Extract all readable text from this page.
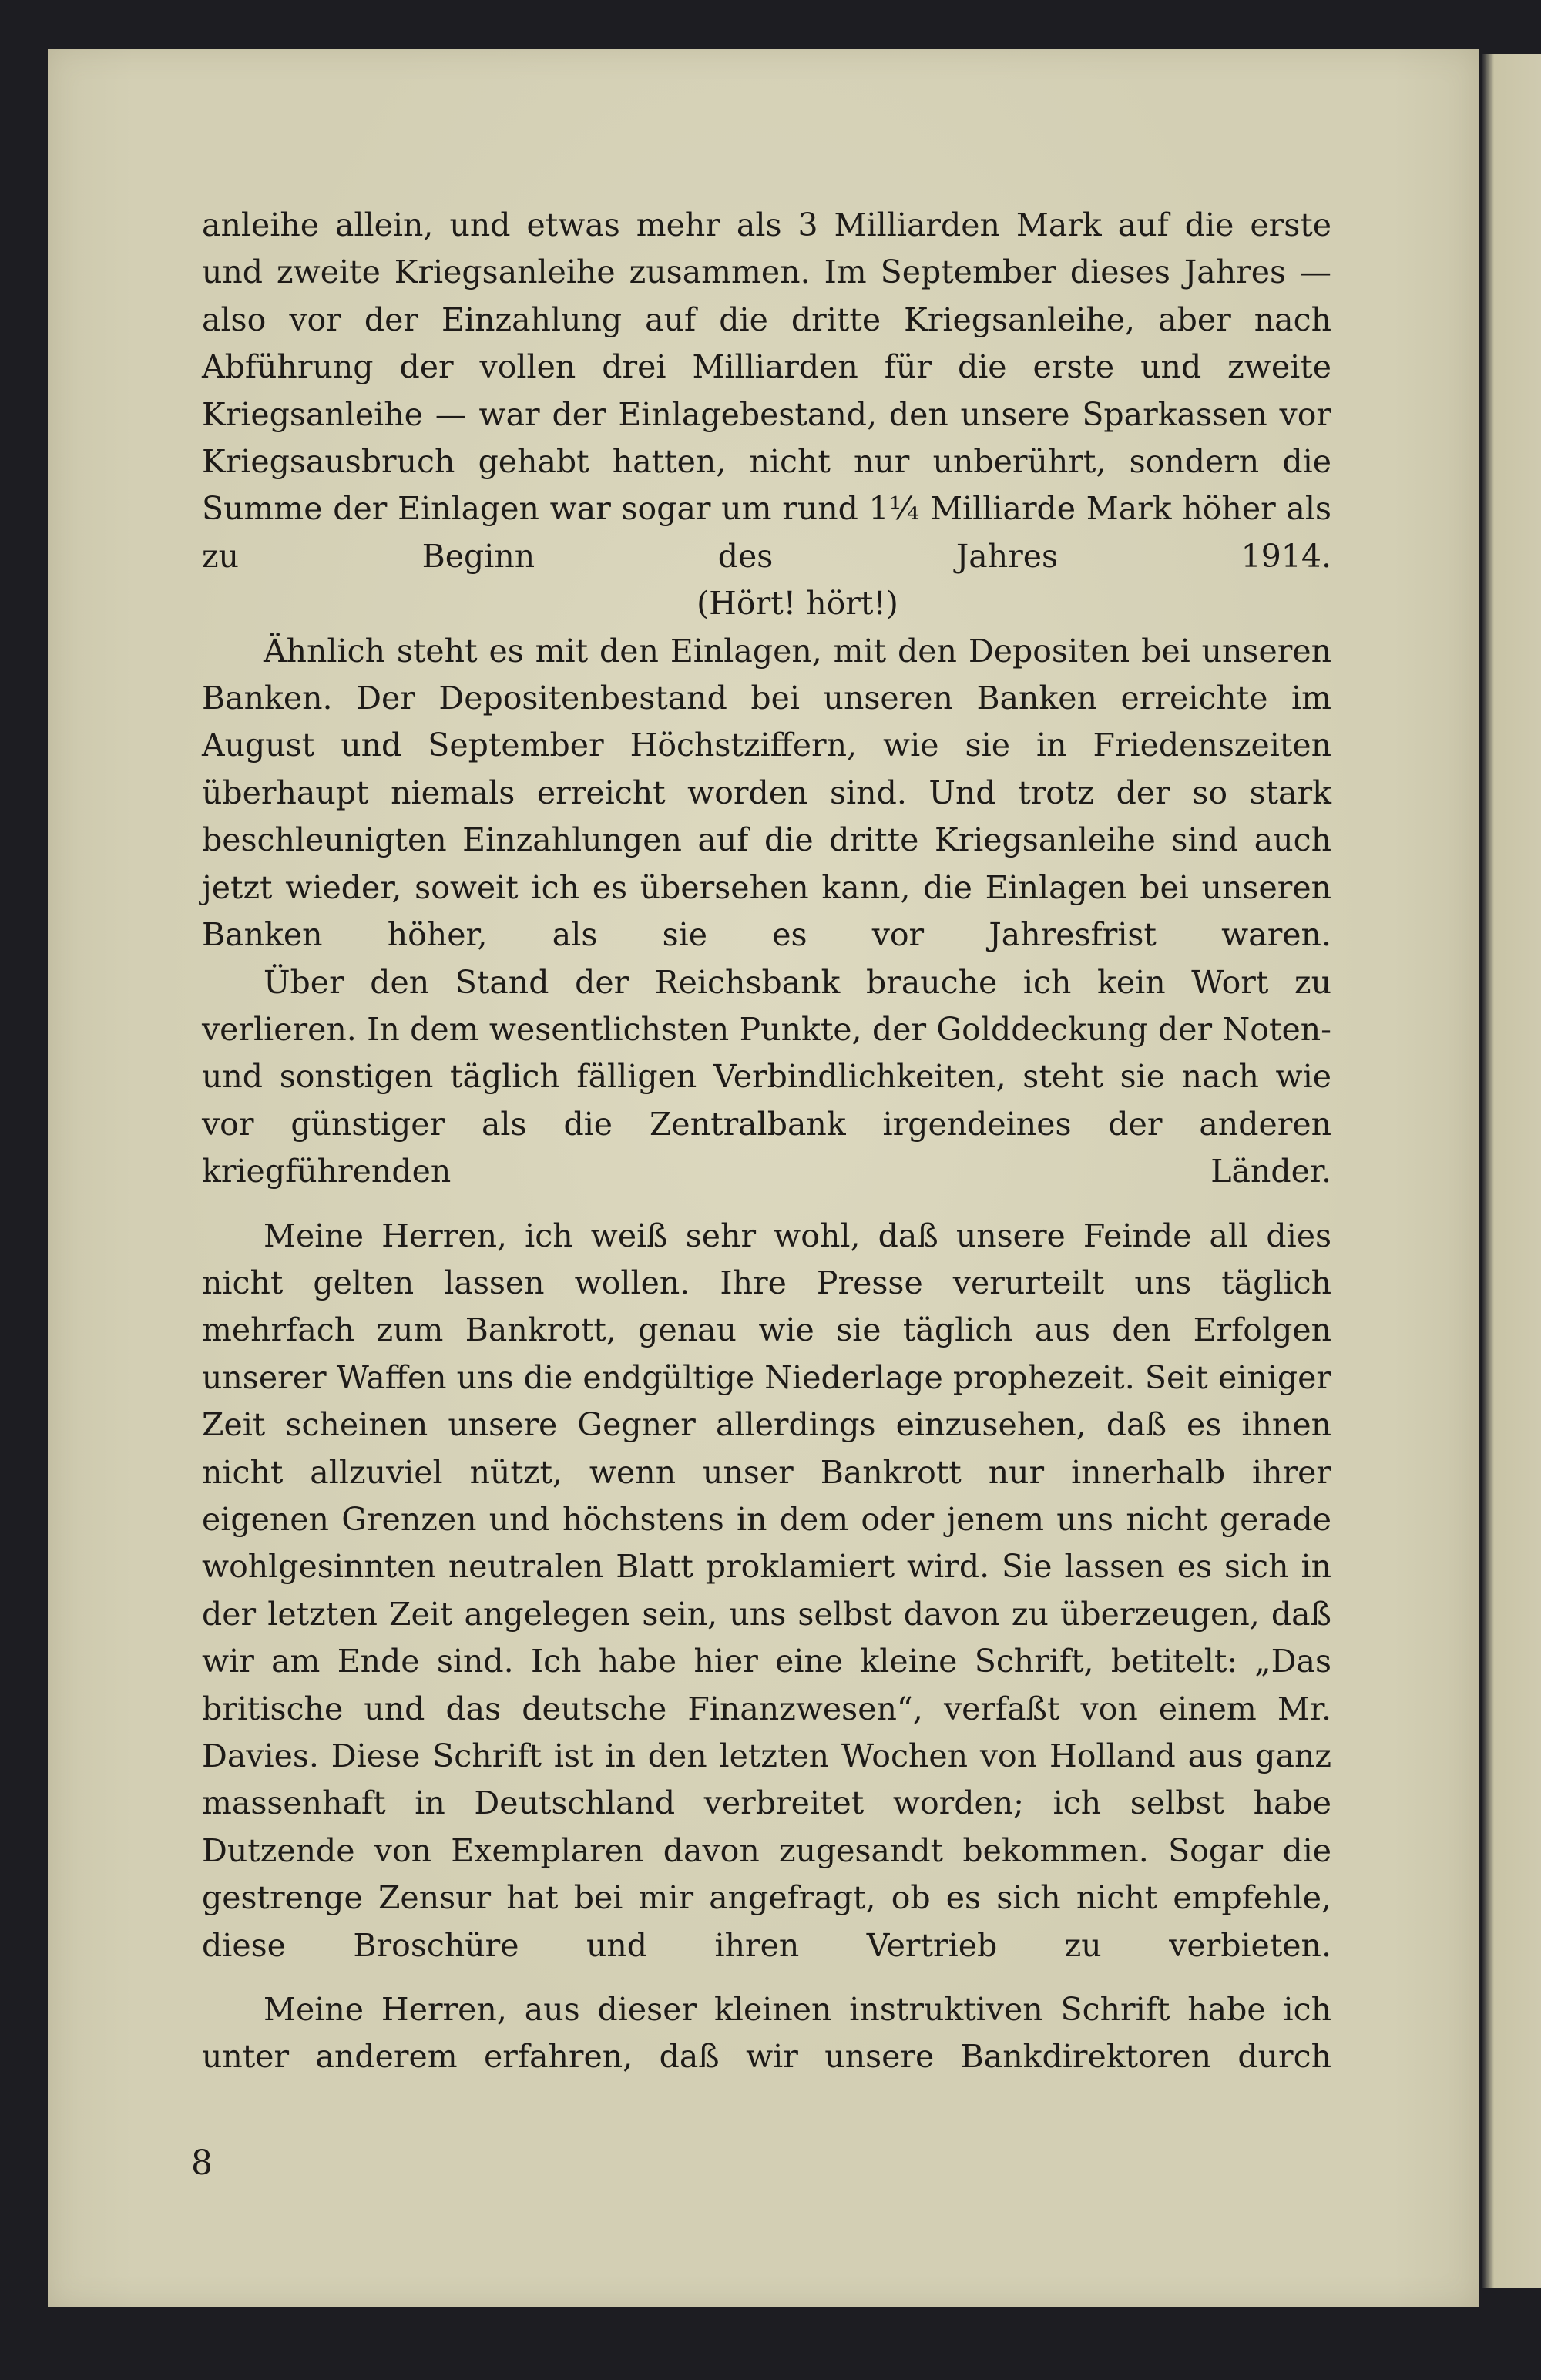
anleihe allein, und etwas mehr als 3 Milliarden Mark auf die erste und zweite Kriegsanleihe zusammen. Im September dieses Jahres — also vor der Einzahlung auf die dritte Kriegsanleihe, aber nach Abführung der vollen drei Milliarden für die erste und zweite Kriegsanleihe — war der Einlagebestand, den unsere Sparkassen vor Kriegsausbruch gehabt hatten, nicht nur unberührt, sondern die Summe der Einlagen war sogar um rund 1¼ Milliarde Mark höher als zu Beginn des Jahres 1914.

(Hört! hört!)

Ähnlich steht es mit den Einlagen, mit den Depositen bei unseren Banken. Der Depositenbestand bei unseren Banken erreichte im August und September Höchstziffern, wie sie in Friedenszeiten überhaupt niemals erreicht worden sind. Und trotz der so stark beschleunigten Einzahlungen auf die dritte Kriegsanleihe sind auch jetzt wieder, soweit ich es übersehen kann, die Einlagen bei unseren Banken höher, als sie es vor Jahresfrist waren.

Über den Stand der Reichsbank brauche ich kein Wort zu verlieren. In dem wesentlichsten Punkte, der Golddeckung der Noten- und sonstigen täglich fälligen Verbindlichkeiten, steht sie nach wie vor günstiger als die Zentralbank irgendeines der anderen kriegführenden Länder.

Meine Herren, ich weiß sehr wohl, daß unsere Feinde all dies nicht gelten lassen wollen. Ihre Presse verurteilt uns täglich mehrfach zum Bankrott, genau wie sie täglich aus den Erfolgen unserer Waffen uns die endgültige Niederlage prophezeit. Seit einiger Zeit scheinen unsere Gegner allerdings einzusehen, daß es ihnen nicht allzuviel nützt, wenn unser Bankrott nur innerhalb ihrer eigenen Grenzen und höchstens in dem oder jenem uns nicht gerade wohlgesinnten neutralen Blatt proklamiert wird. Sie lassen es sich in der letzten Zeit angelegen sein, uns selbst davon zu überzeugen, daß wir am Ende sind. Ich habe hier eine kleine Schrift, betitelt: „Das britische und das deutsche Finanzwesen“, verfaßt von einem Mr. Davies. Diese Schrift ist in den letzten Wochen von Holland aus ganz massenhaft in Deutschland verbreitet worden; ich selbst habe Dutzende von Exemplaren davon zugesandt bekommen. Sogar die gestrenge Zensur hat bei mir angefragt, ob es sich nicht empfehle, diese Broschüre und ihren Vertrieb zu verbieten.

Meine Herren, aus dieser kleinen instruktiven Schrift habe ich unter anderem erfahren, daß wir unsere Bankdirektoren durch

8
